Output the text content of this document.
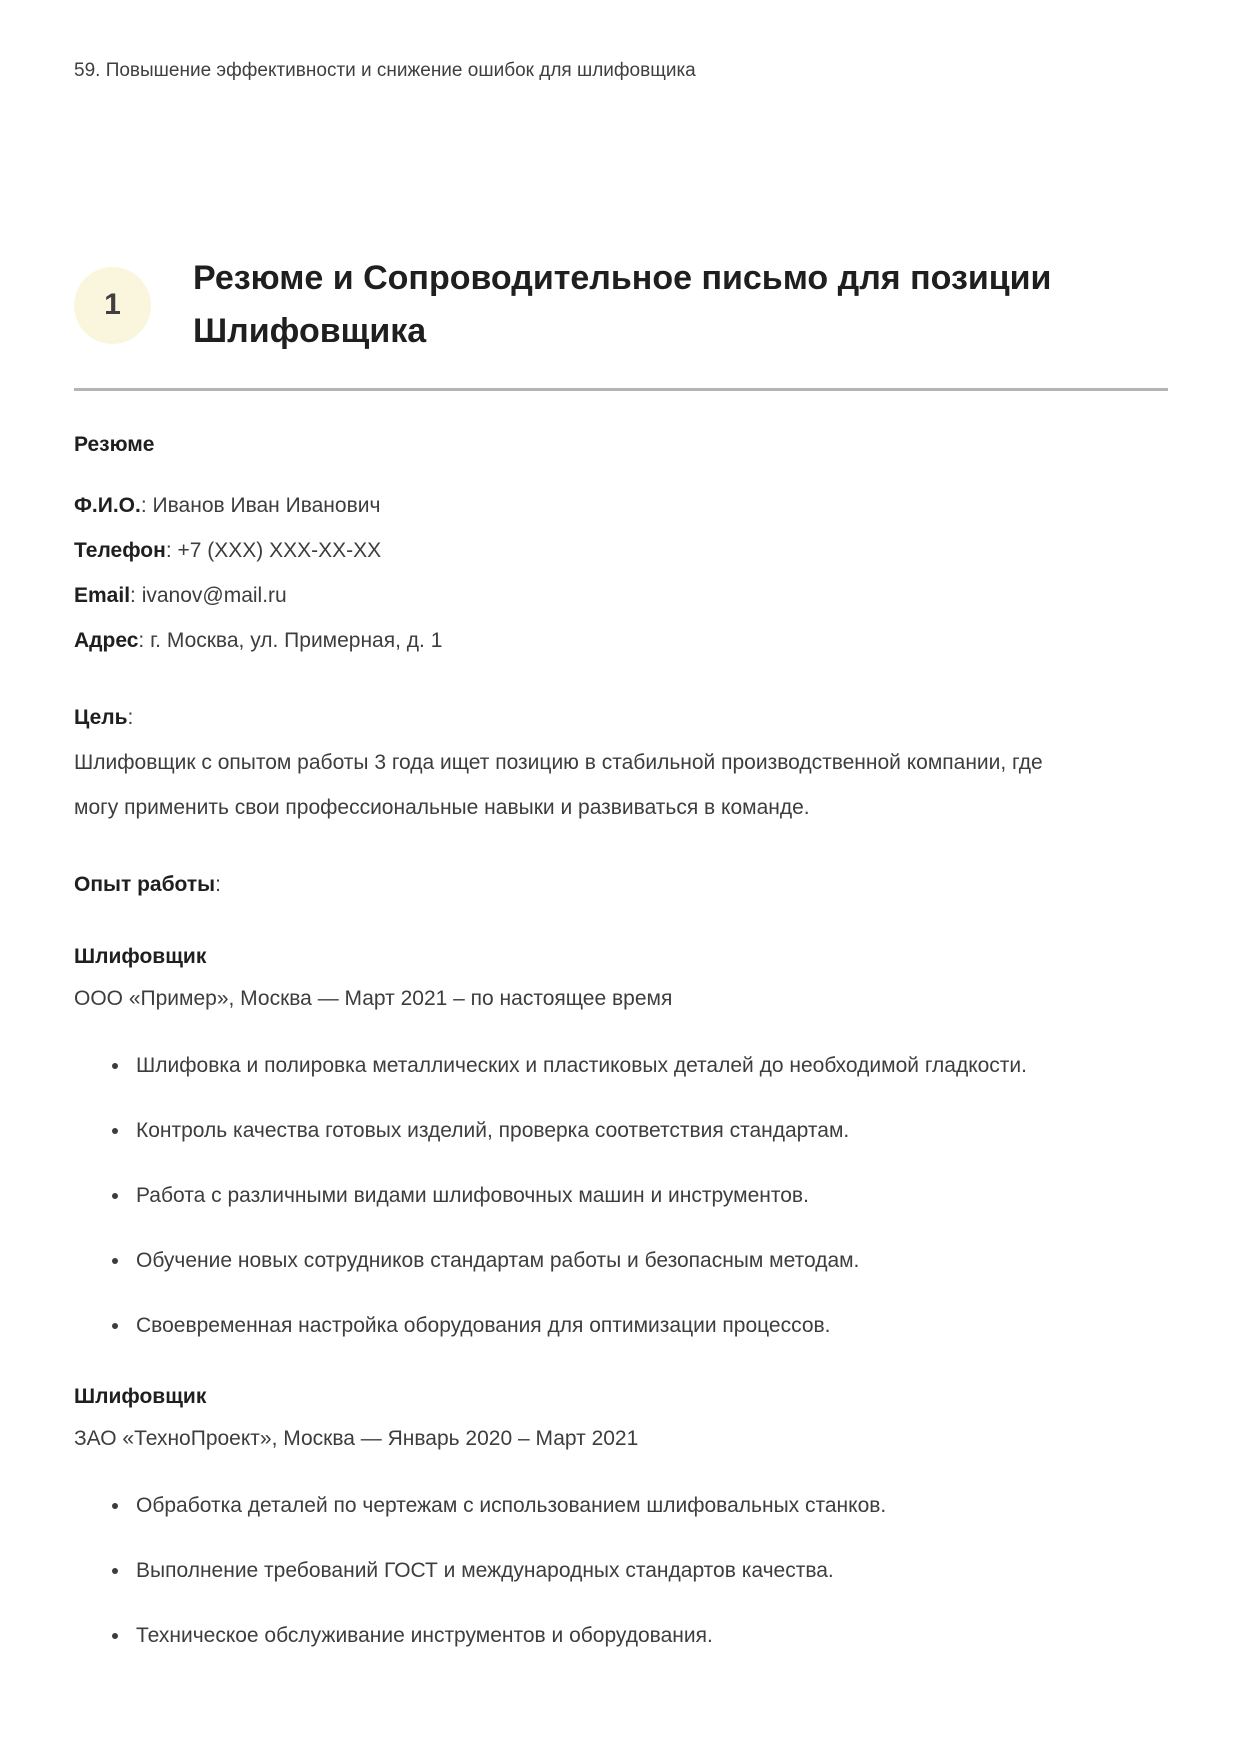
59. Повышение эффективности и снижение ошибок для шлифовщика
1
Резюме и Сопроводительное письмо для позиции Шлифовщика
Резюме
Ф.И.О.: Иванов Иван Иванович
Телефон: +7 (XXX) XXX-XX-XX
Email: ivanov@mail.ru
Адрес: г. Москва, ул. Примерная, д. 1

Цель:
Шлифовщик с опытом работы 3 года ищет позицию в стабильной производственной компании, где могу применить свои профессиональные навыки и развиваться в команде.

Опыт работы:

Шлифовщик
ООО «Пример», Москва — Март 2021 – по настоящее время

• Шлифовка и полировка металлических и пластиковых деталей до необходимой гладкости.
• Контроль качества готовых изделий, проверка соответствия стандартам.
• Работа с различными видами шлифовочных машин и инструментов.
• Обучение новых сотрудников стандартам работы и безопасным методам.
• Своевременная настройка оборудования для оптимизации процессов.

Шлифовщик
ЗАО «ТехноПроект», Москва — Январь 2020 – Март 2021

• Обработка деталей по чертежам с использованием шлифовальных станков.
• Выполнение требований ГОСТ и международных стандартов качества.
• Техническое обслуживание инструментов и оборудования.
